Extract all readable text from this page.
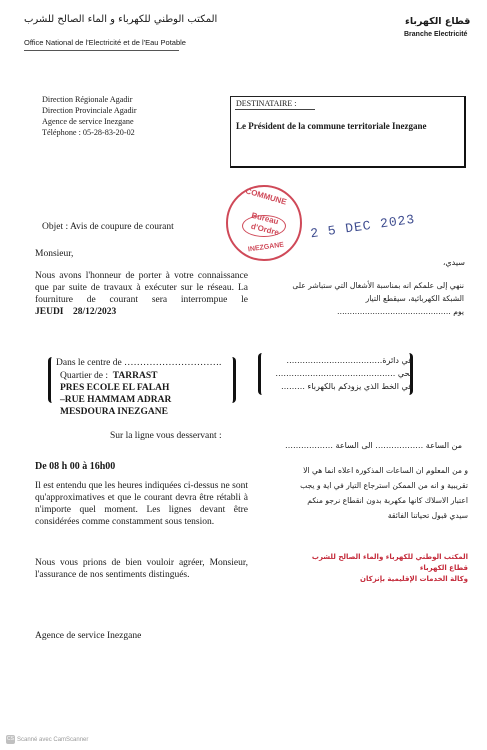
المكتب الوطني للكهرباء و الماء الصالح للشرب
Office National de l'Electricité et de l'Eau Potable
قطاع الكهرباء
Branche Electricité
Direction Régionale Agadir
Direction Provinciale Agadir
Agence de service Inezgane
Téléphone : 05-28-83-20-02
DESTINATAIRE :
Le Président de la commune territoriale Inezgane
COMMUNE
Bureau
d'Ordre
INEZGANE
2 5 DEC 2023
Objet : Avis de coupure de courant
Monsieur,
Nous avons l'honneur de porter à votre connaissance que par suite de travaux à exécuter sur le réseau. La fourniture de courant sera interrompue le JEUDI 28/12/2023
سيدي،
ننهي إلى علمكم انه بمناسبة الأشغال التي ستباشر على
الشبكة الكهربائية، سيقطع التيار
يوم ………………………………………
Dans le centre de ………………………….
Quartier de : TARRAST
PRES ECOLE EL FALAH
–RUE HAMMAM ADRAR
MESDOURA INEZGANE
في دائرة………………………………
بحي ………………………………………
في الخط الذي يزودكم بالكهرباء ………
Sur la ligne vous desservant :
من الساعة ……………… الى الساعة ………………
De 08 h 00 à 16h00
Il est entendu que les heures indiquées ci-dessus ne sont qu'approximatives et que le courant devra être rétabli à n'importe quel moment. Les lignes devant être considérées comme constamment sous tension.
و من المعلوم ان الساعات المذكورة اعلاه انما هي الا
تقريبية و انه من الممكن استرجاع التيار في اية و يجب
اعتبار الاسلاك كانها مكهربة بدون انقطاع نرجو منكم
سيدي قبول تحياتنا الفائقة
Nous vous prions de bien vouloir agréer, Monsieur, l'assurance de nos sentiments distingués.
المكتب الوطني للكهرباء والماء الصالح للشرب
قطاع الكهرباء
وكالة الخدمات الإقليمية بإنزكان
Agence de service Inezgane
CS Scanné avec CamScanner
